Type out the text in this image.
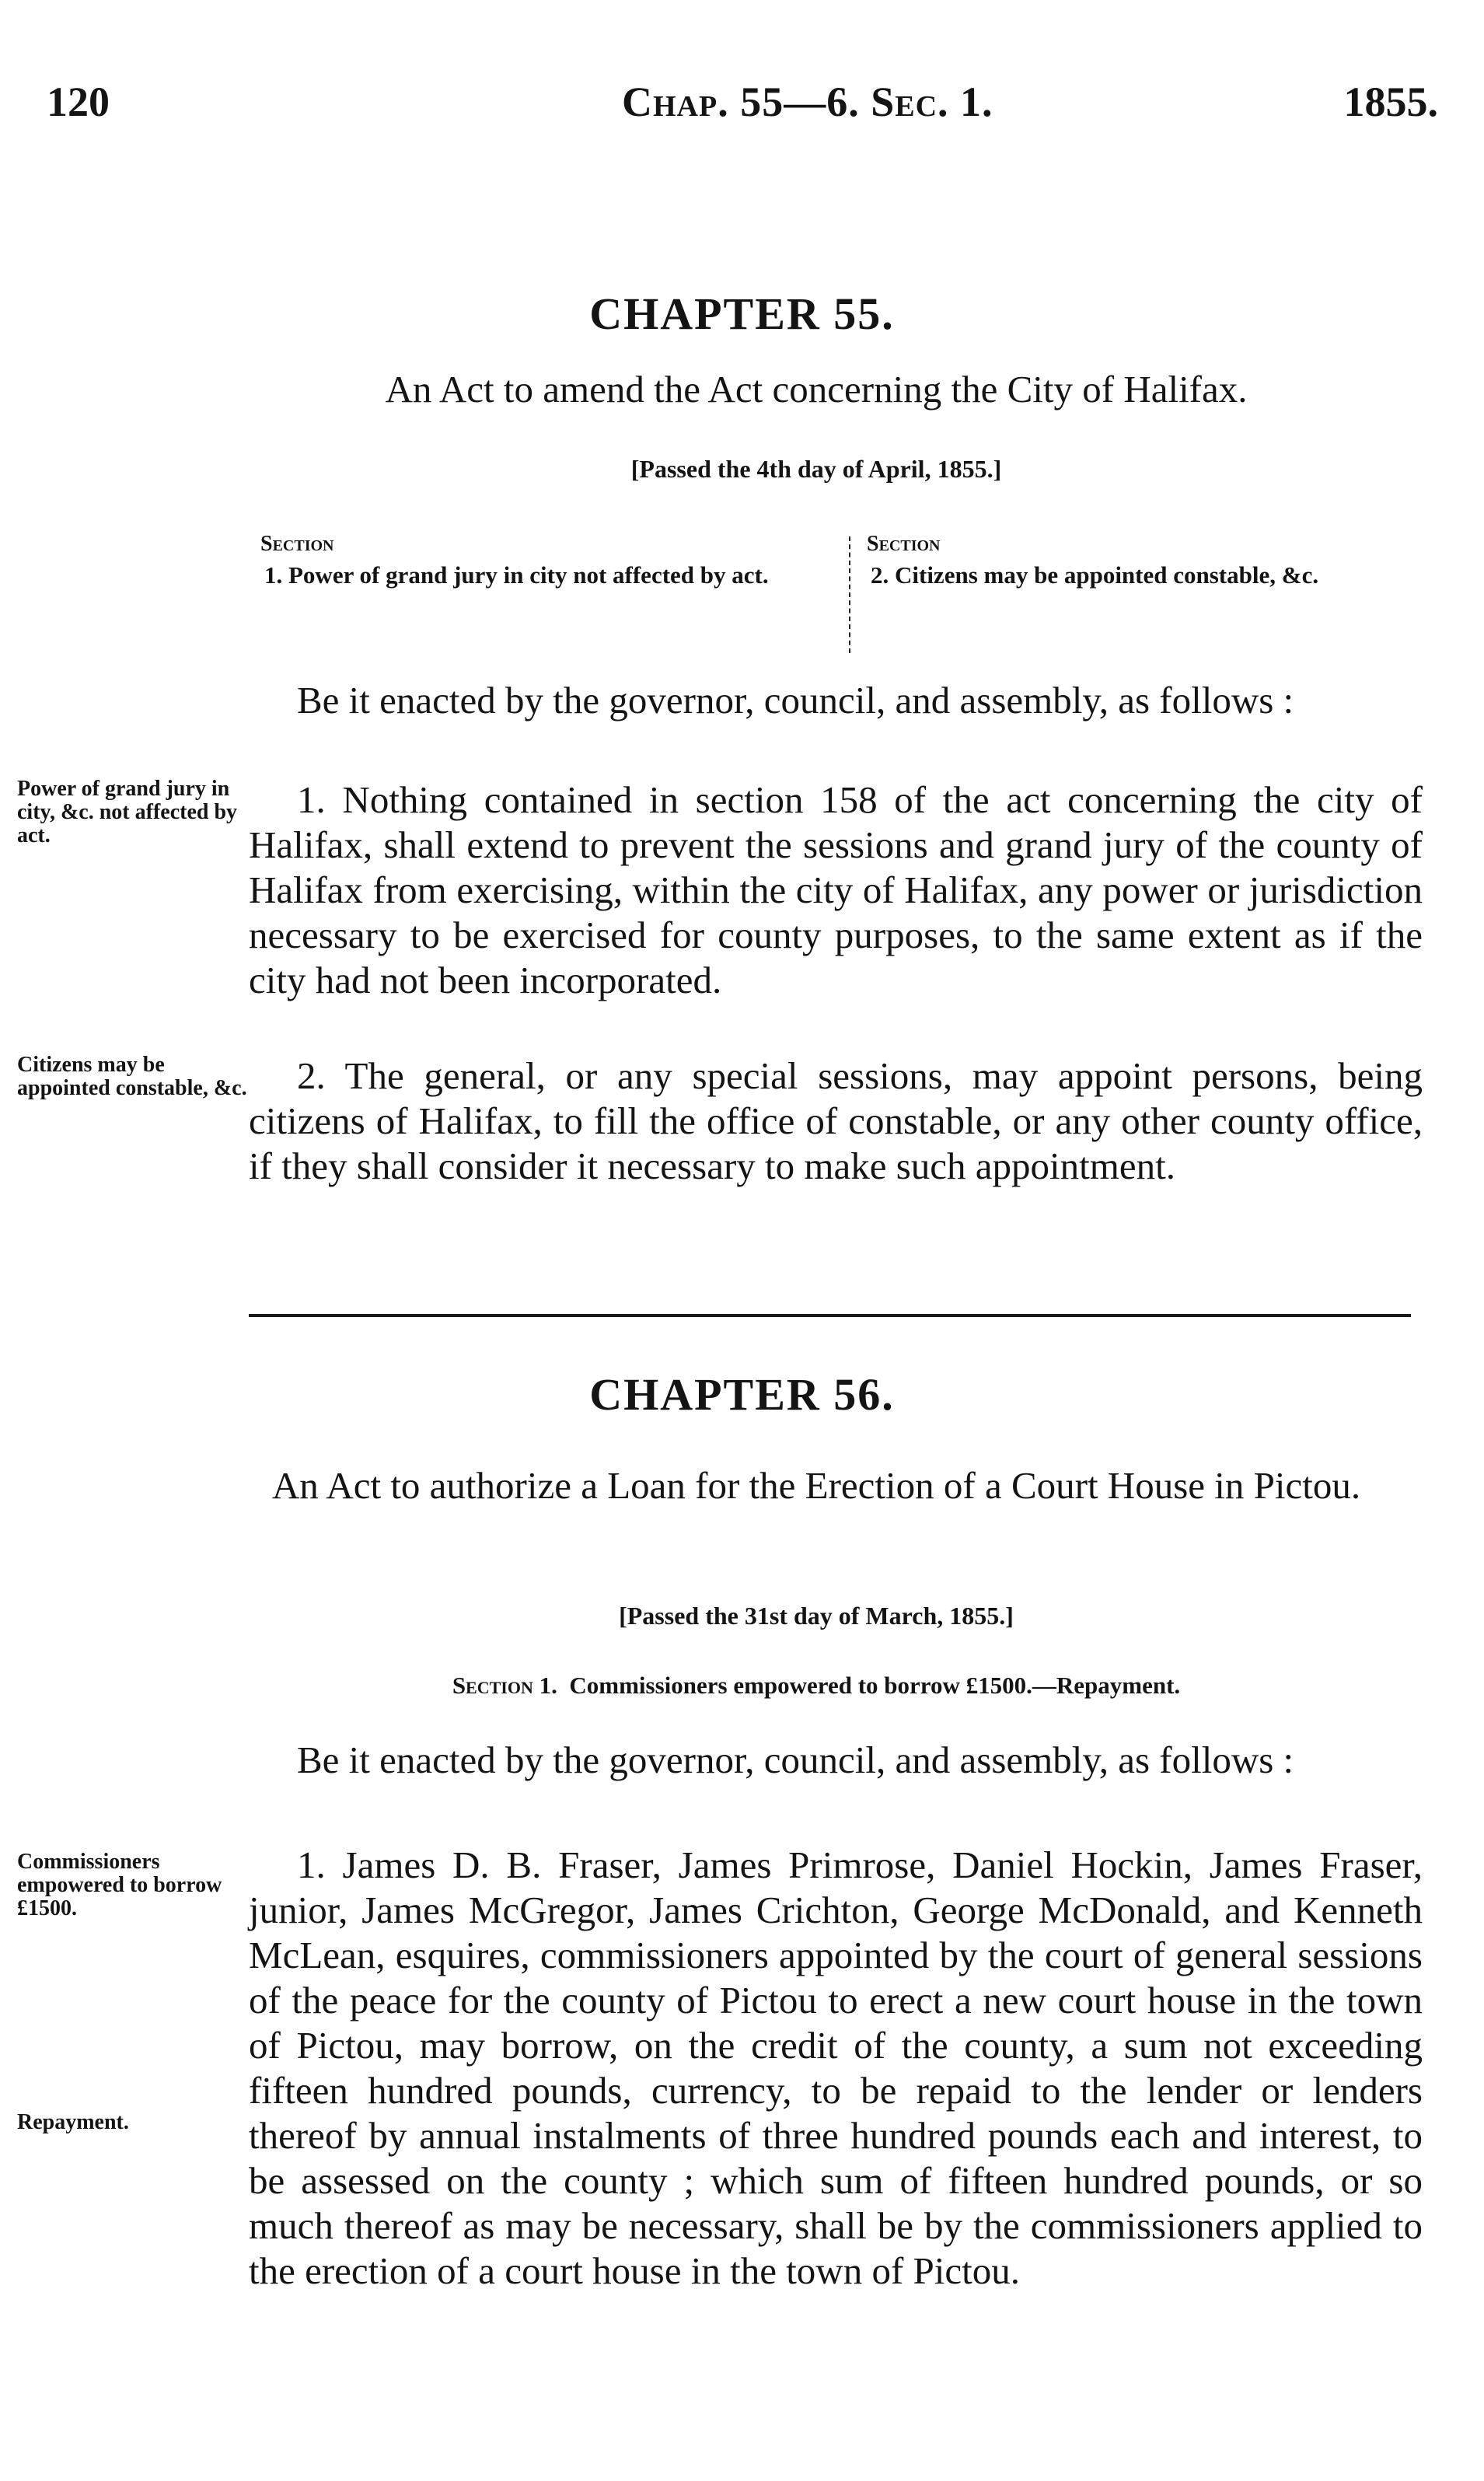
120	Chap. 55—6. Sec. 1.	1855.
CHAPTER 55.
An Act to amend the Act concerning the City of Halifax.
[Passed the 4th day of April, 1855.]
Section
1. Power of grand jury in city not affected by act.
Section
2. Citizens may be appointed constable, &c.
Be it enacted by the governor, council, and assembly, as follows :
Power of grand jury in city, &c. not affected by act.
1. Nothing contained in section 158 of the act concerning the city of Halifax, shall extend to prevent the sessions and grand jury of the county of Halifax from exercising, within the city of Halifax, any power or jurisdiction necessary to be exercised for county purposes, to the same extent as if the city had not been incorporated.
Citizens may be appointed constable, &c.	2. The general, or any special sessions, may appoint persons, being citizens of Halifax, to fill the office of constable, or any other county office, if they shall consider it necessary to make such appointment.
CHAPTER 56.
An Act to authorize a Loan for the Erection of a Court House in Pictou.
[Passed the 31st day of March, 1855.]
Section 1. Commissioners empowered to borrow £1500.—Repayment.
Be it enacted by the governor, council, and assembly, as follows :
Commissioners empowered to borrow £1500.
Repayment.
1. James D. B. Fraser, James Primrose, Daniel Hockin, James Fraser, junior, James McGregor, James Crichton, George McDonald, and Kenneth McLean, esquires, commissioners appointed by the court of general sessions of the peace for the county of Pictou to erect a new court house in the town of Pictou, may borrow, on the credit of the county, a sum not exceeding fifteen hundred pounds, currency, to be repaid to the lender or lenders thereof by annual instalments of three hundred pounds each and interest, to be assessed on the county ; which sum of fifteen hundred pounds, or so much thereof as may be necessary, shall be by the commissioners applied to the erection of a court house in the town of Pictou.
